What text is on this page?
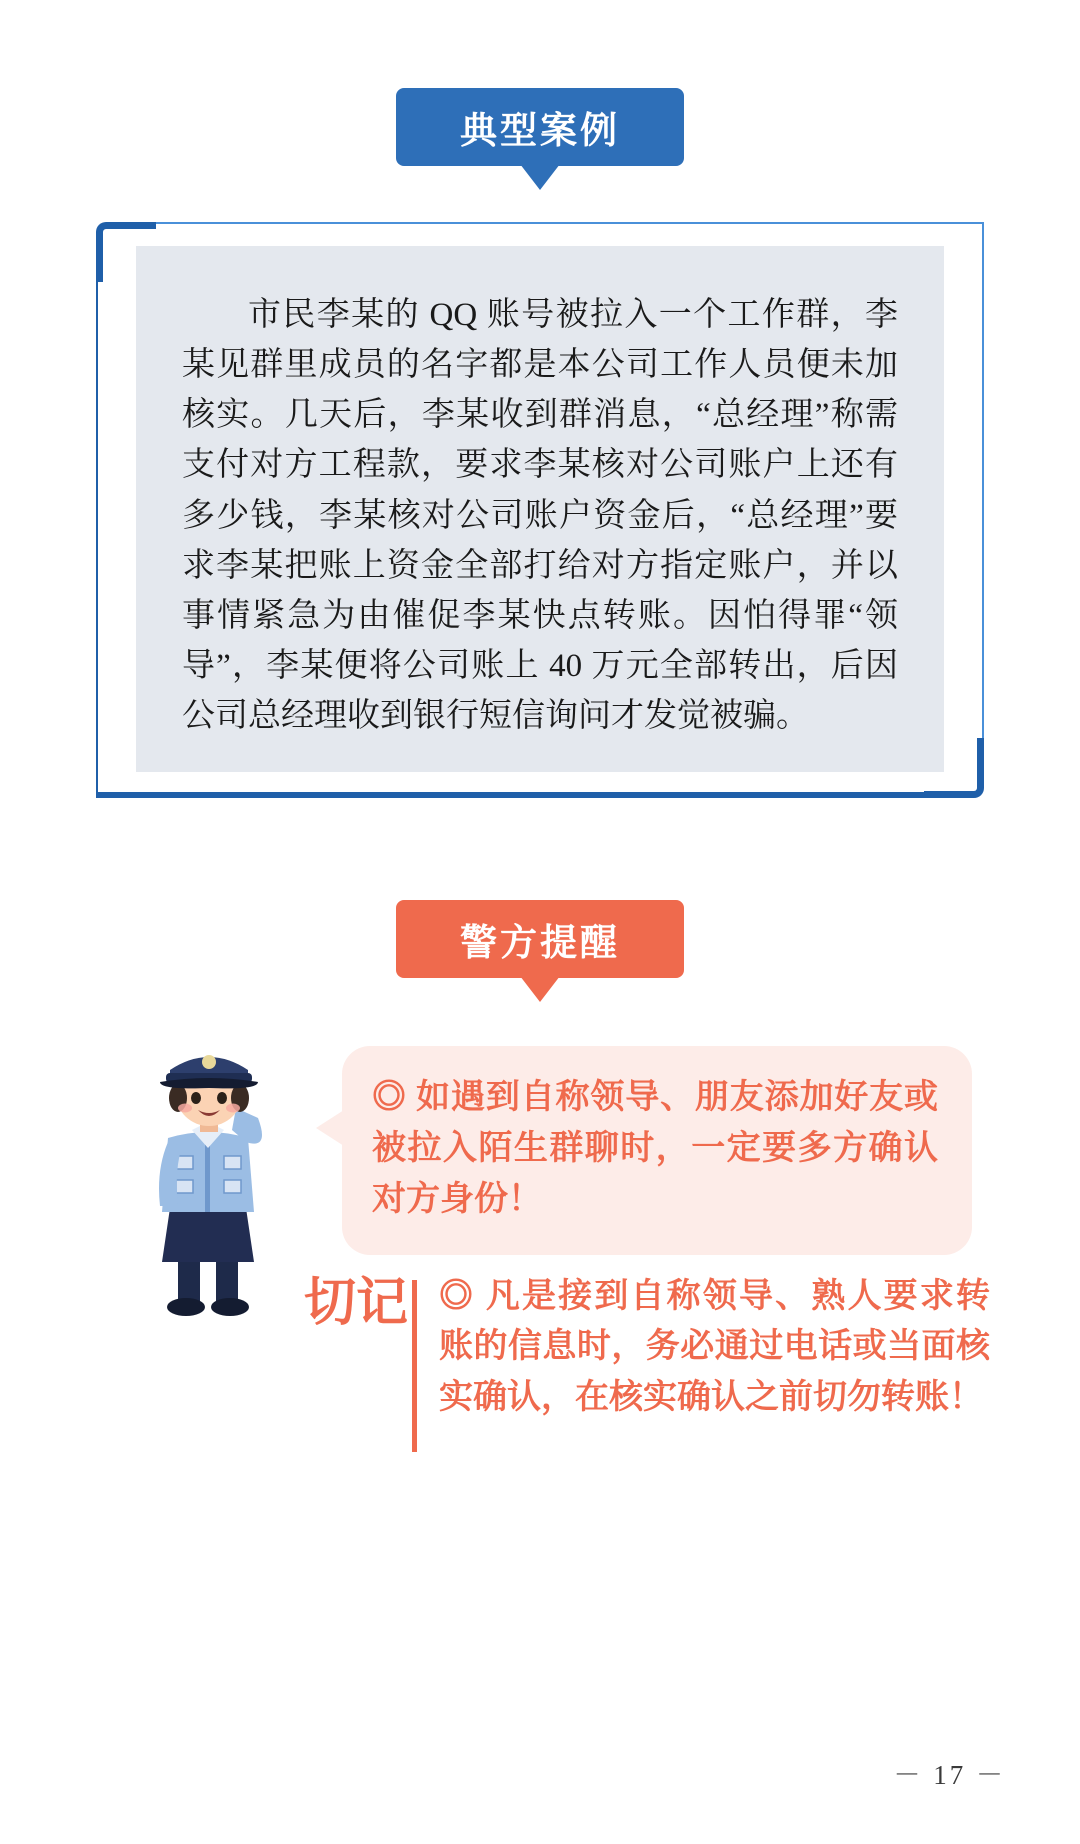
典型案例
市民李某的 QQ 账号被拉入一个工作群，李某见群里成员的名字都是本公司工作人员便未加核实。几天后，李某收到群消息，“总经理”称需支付对方工程款，要求李某核对公司账户上还有多少钱，李某核对公司账户资金后，“总经理”要求李某把账上资金全部打给对方指定账户，并以事情紧急为由催促李某快点转账。因怕得罪“领导”，李某便将公司账上 40 万元全部转出，后因公司总经理收到银行短信询问才发觉被骗。
警方提醒
◎ 如遇到自称领导、朋友添加好友或被拉入陌生群聊时，一定要多方确认对方身份！
切记 ◎ 凡是接到自称领导、熟人要求转账的信息时，务必通过电话或当面核实确认，在核实确认之前切勿转账！
－ 17 －
